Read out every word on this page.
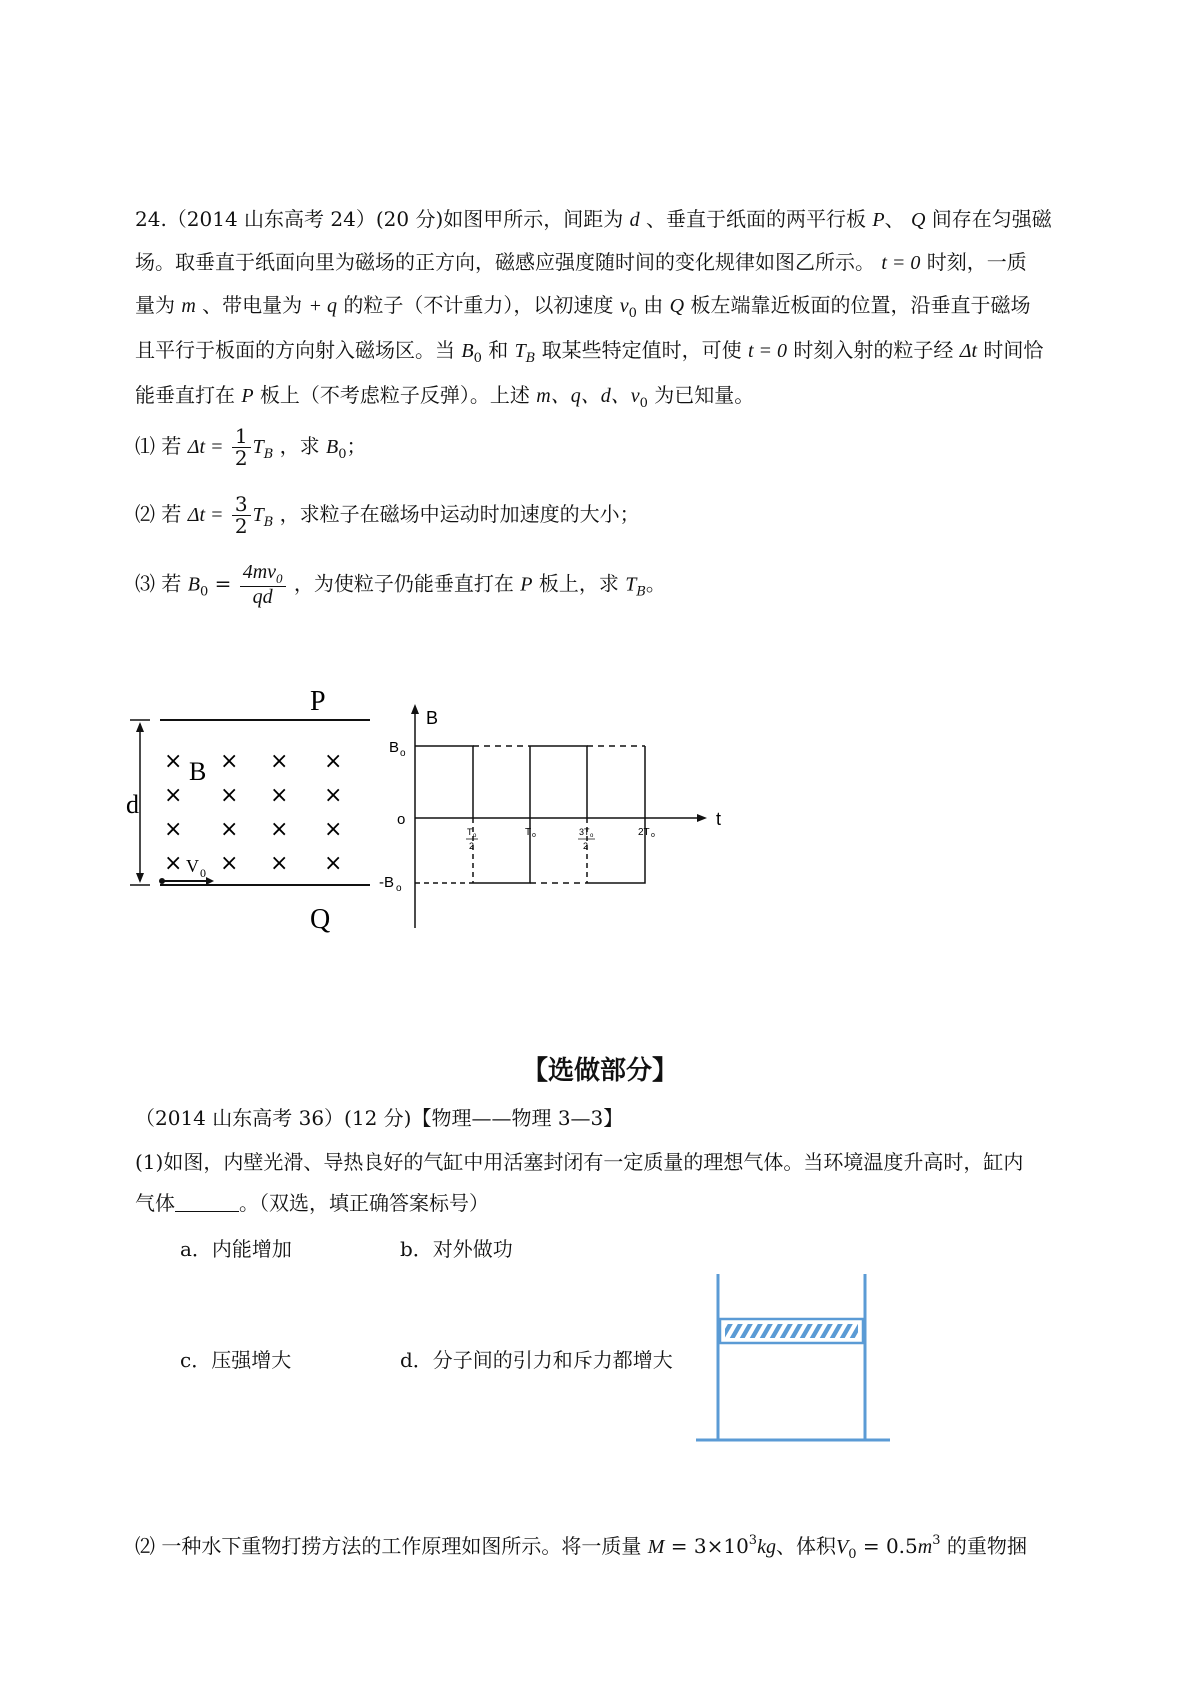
24.（2014 山东高考 24）(20 分)如图甲所示，间距为 d 、垂直于纸面的两平行板 P、 Q 间存在匀强磁
场。取垂直于纸面向里为磁场的正方向，磁感应强度随时间的变化规律如图乙所示。 t = 0 时刻，一质
量为 m 、带电量为 + q 的粒子（不计重力），以初速度 $v_0$ 由 Q 板左端靠近板面的位置，沿垂直于磁场
且平行于板面的方向射入磁场区。当 $B_0$ 和 $T_B$ 取某些特定值时，可使 t = 0 时刻入射的粒子经 Δt 时间恰
能垂直打在 P 板上（不考虑粒子反弹）。上述 m、q、d、$v_0$ 为已知量。
⑴ 若 $\Delta t = \frac{1}{2} T_B$ ，求 $B_0$；
⑵ 若 $\Delta t = \frac{3}{2} T_B$ ，求粒子在磁场中运动时加速度的大小；
⑶ 若 $B_0 = \frac{4mv_0}{qd}$ ，为使粒子仍能垂直打在 P 板上，求 $T_B$。
P
Q
d
B
× × × ×
× × × ×
× × × ×
× × × ×
V 0
B
t
B o
-B o
o
T o
2
T o	3T o
2
2T o
【选做部分】
（2014 山东高考 36）(12 分)【物理——物理 3—3】
(1)如图，内壁光滑、导热良好的气缸中用活塞封闭有一定质量的理想气体。当环境温度升高时，缸内
气体	。（双选，填正确答案标号）
a．内能增加	b．对外做功
c．压强增大	d．分子间的引力和斥力都增大
⑵ 一种水下重物打捞方法的工作原理如图所示。将一质量 $M = 3\times 10^3kg$、体积$V_0 = 0.5m^3$ 的重物捆
